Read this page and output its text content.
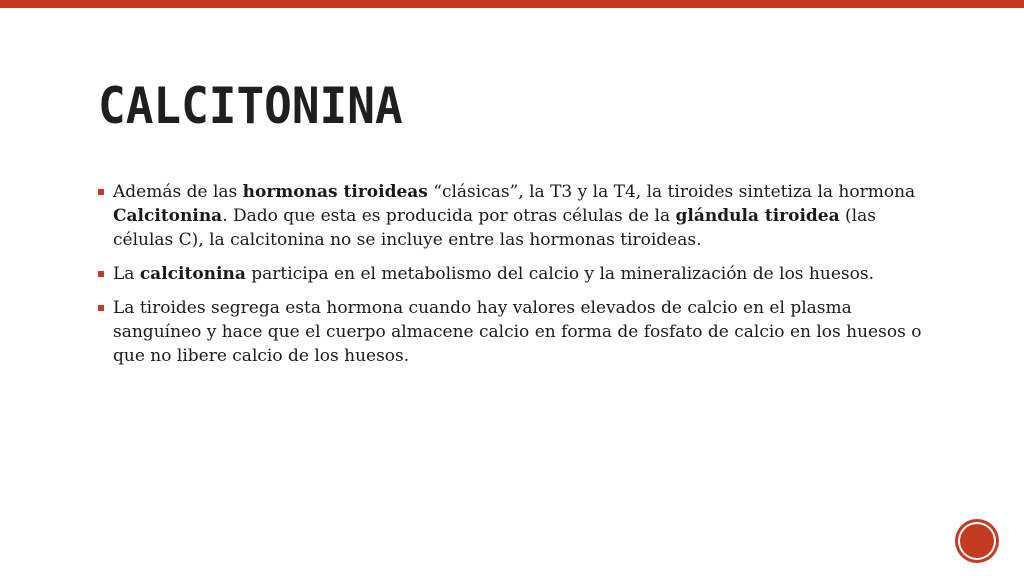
CALCITONINA
Además de las hormonas tiroideas “clásicas”, la T3 y la T4, la tiroides sintetiza la hormona Calcitonina. Dado que esta es producida por otras células de la glándula tiroidea (las células C), la calcitonina no se incluye entre las hormonas tiroideas.
La calcitonina participa en el metabolismo del calcio y la mineralización de los huesos.
La tiroides segrega esta hormona cuando hay valores elevados de calcio en el plasma sanguíneo y hace que el cuerpo almacene calcio en forma de fosfato de calcio en los huesos o que no libere calcio de los huesos.
